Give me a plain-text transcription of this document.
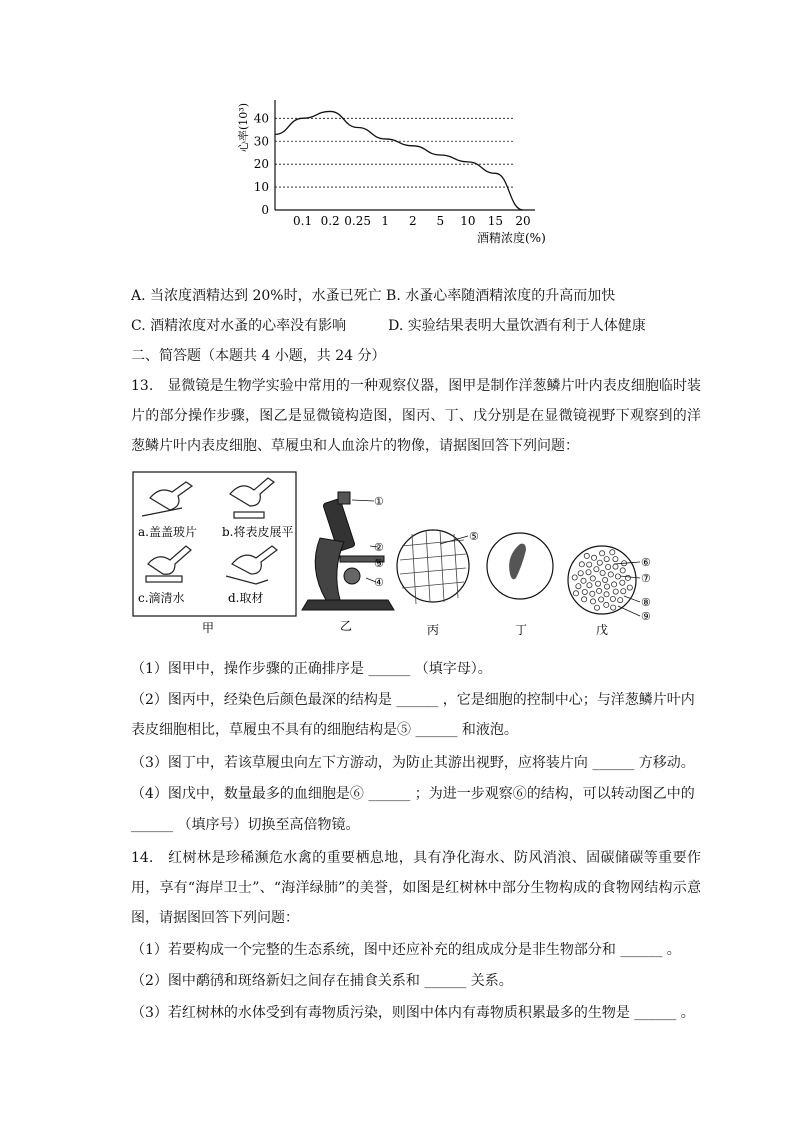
0
10
20
30
40
0.1 0.2 0.25 1 2 5 10 15 20
心率(10³)
酒精浓度(%)
A. 当浓度酒精达到 20%时，水蚤已死亡 B. 水蚤心率随酒精浓度的升高而加快
C. 酒精浓度对水蚤的心率没有影响　　　D. 实验结果表明大量饮酒有利于人体健康
二、简答题（本题共 4 小题，共 24 分）
13.　显微镜是生物学实验中常用的一种观察仪器，图甲是制作洋葱鳞片叶内表皮细胞临时装片的部分操作步骤，图乙是显微镜构造图，图丙、丁、戊分别是在显微镜视野下观察到的洋葱鳞片叶内表皮细胞、草履虫和人血涂片的物像，请据图回答下列问题：
a.盖盖玻片 b.将表皮展平
c.滴清水	d.取材
甲
①
②
③
④
乙
⑤
丙	丁
⑥
⑦
⑧
⑨
戊
（1）图甲中，操作步骤的正确排序是 ______ （填字母）。
（2）图丙中，经染色后颜色最深的结构是 ______ ，它是细胞的控制中心；与洋葱鳞片叶内
表皮细胞相比，草履虫不具有的细胞结构是⑤ ______ 和液泡。
（3）图丁中，若该草履虫向左下方游动，为防止其游出视野，应将装片向 ______ 方移动。
（4）图戊中，数量最多的血细胞是⑥ ______ ；为进一步观察⑥的结构，可以转动图乙中的
______ （填序号）切换至高倍物镜。
14.　红树林是珍稀濒危水禽的重要栖息地，具有净化海水、防风消浪、固碳储碳等重要作用，享有“海岸卫士”、“海洋绿肺”的美誉，如图是红树林中部分生物构成的食物网结构示意图，请据图回答下列问题：
（1）若要构成一个完整的生态系统，图中还应补充的组成成分是非生物部分和 ______ 。
（2）图中鹬鸻和斑络新妇之间存在捕食关系和 ______ 关系。
（3）若红树林的水体受到有毒物质污染，则图中体内有毒物质积累最多的生物是 ______ 。
